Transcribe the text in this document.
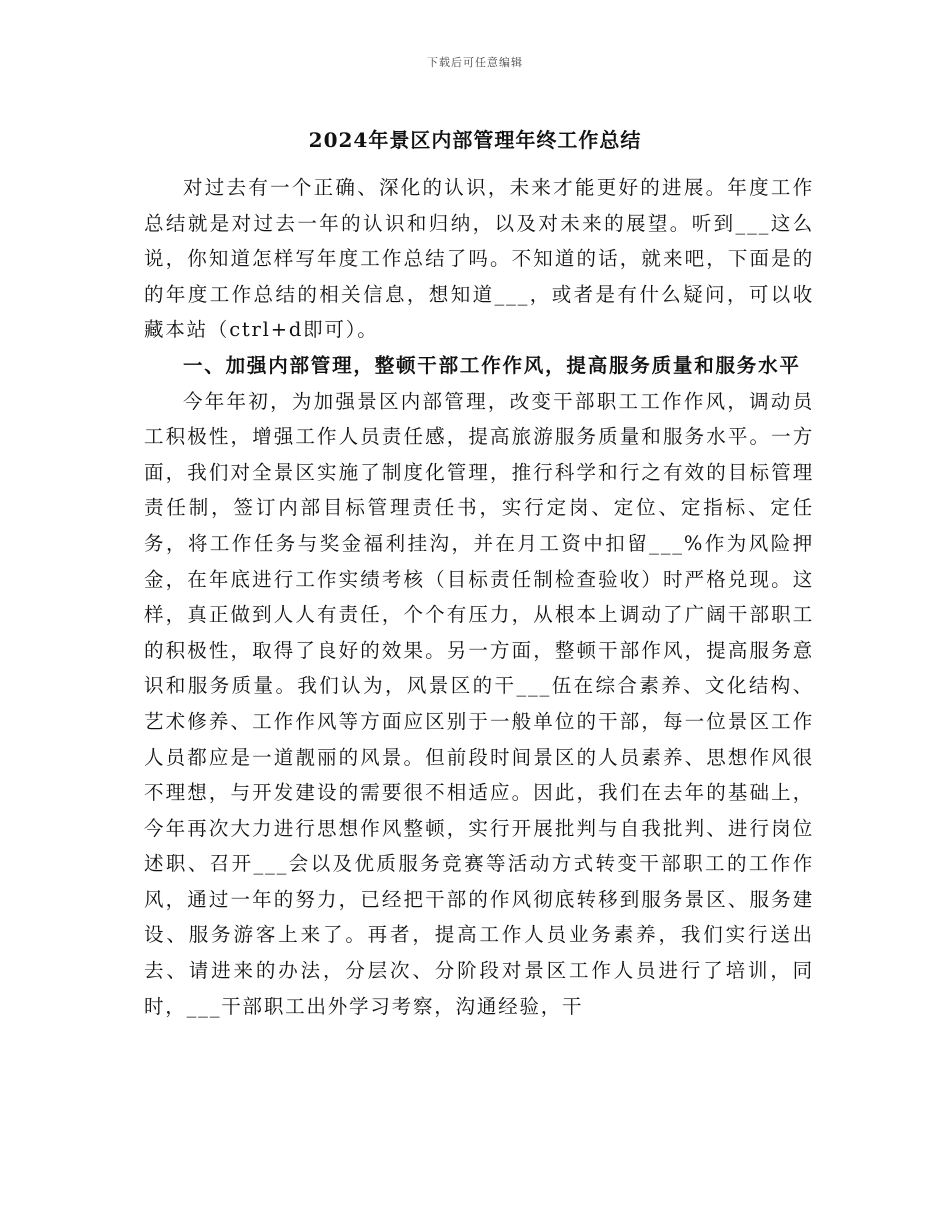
下载后可任意编辑
2024年景区内部管理年终工作总结

对过去有一个正确、深化的认识，未来才能更好的进展。年度工作总结就是对过去一年的认识和归纳，以及对未来的展望。听到___这么说，你知道怎样写年度工作总结了吗。不知道的话，就来吧，下面是的的年度工作总结的相关信息，想知道___，或者是有什么疑问，可以收藏本站（ctrl+d即可）。

一、加强内部管理，整顿干部工作作风，提高服务质量和服务水平

今年年初，为加强景区内部管理，改变干部职工工作作风，调动员工积极性，增强工作人员责任感，提高旅游服务质量和服务水平。一方面，我们对全景区实施了制度化管理，推行科学和行之有效的目标管理责任制，签订内部目标管理责任书，实行定岗、定位、定指标、定任务，将工作任务与奖金福利挂沟，并在月工资中扣留___%作为风险押金，在年底进行工作实绩考核（目标责任制检查验收）时严格兑现。这样，真正做到人人有责任，个个有压力，从根本上调动了广阔干部职工的积极性，取得了良好的效果。另一方面，整顿干部作风，提高服务意识和服务质量。我们认为，风景区的干___伍在综合素养、文化结构、艺术修养、工作作风等方面应区别于一般单位的干部，每一位景区工作人员都应是一道靓丽的风景。但前段时间景区的人员素养、思想作风很不理想，与开发建设的需要很不相适应。因此，我们在去年的基础上，今年再次大力进行思想作风整顿，实行开展批判与自我批判、进行岗位述职、召开___会以及优质服务竞赛等活动方式转变干部职工的工作作风，通过一年的努力，已经把干部的作风彻底转移到服务景区、服务建设、服务游客上来了。再者，提高工作人员业务素养，我们实行送出去、请进来的办法，分层次、分阶段对景区工作人员进行了培训，同时，___干部职工出外学习考察，沟通经验，干
